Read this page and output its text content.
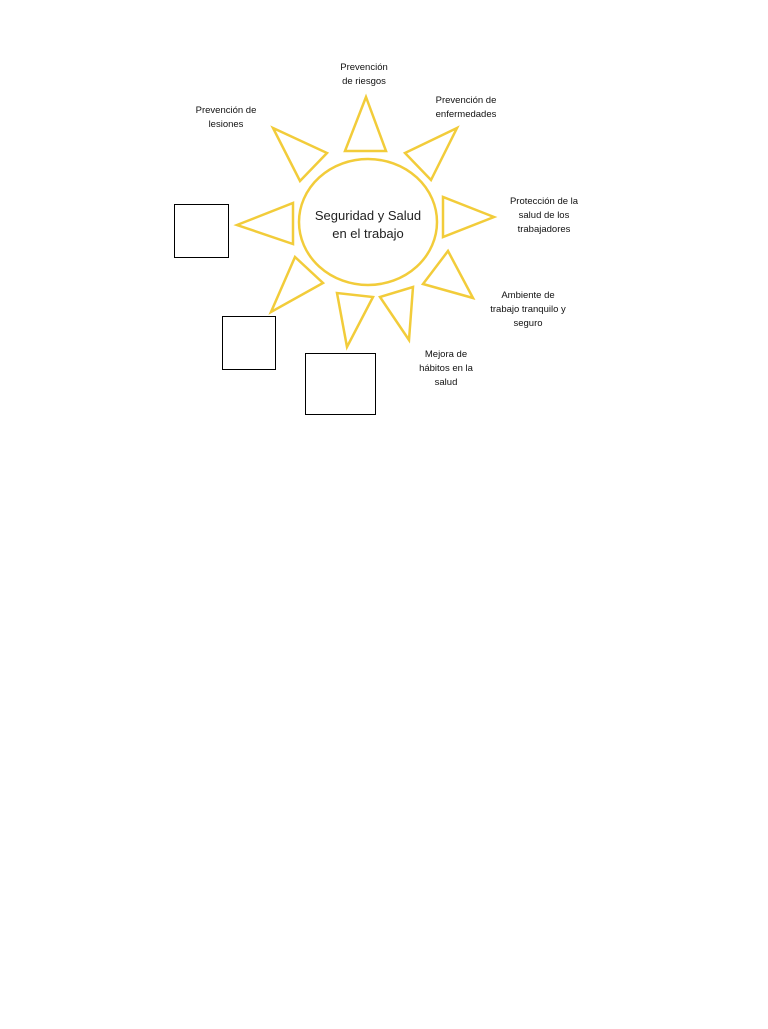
Seguridad y Salud
en el trabajo
Prevención
de riesgos
Prevención de
enfermedades
Protección de la
salud de los
trabajadores
Ambiente de
trabajo tranquilo y
seguro
Mejora de
hábitos en la
salud
Prevención de
lesiones
